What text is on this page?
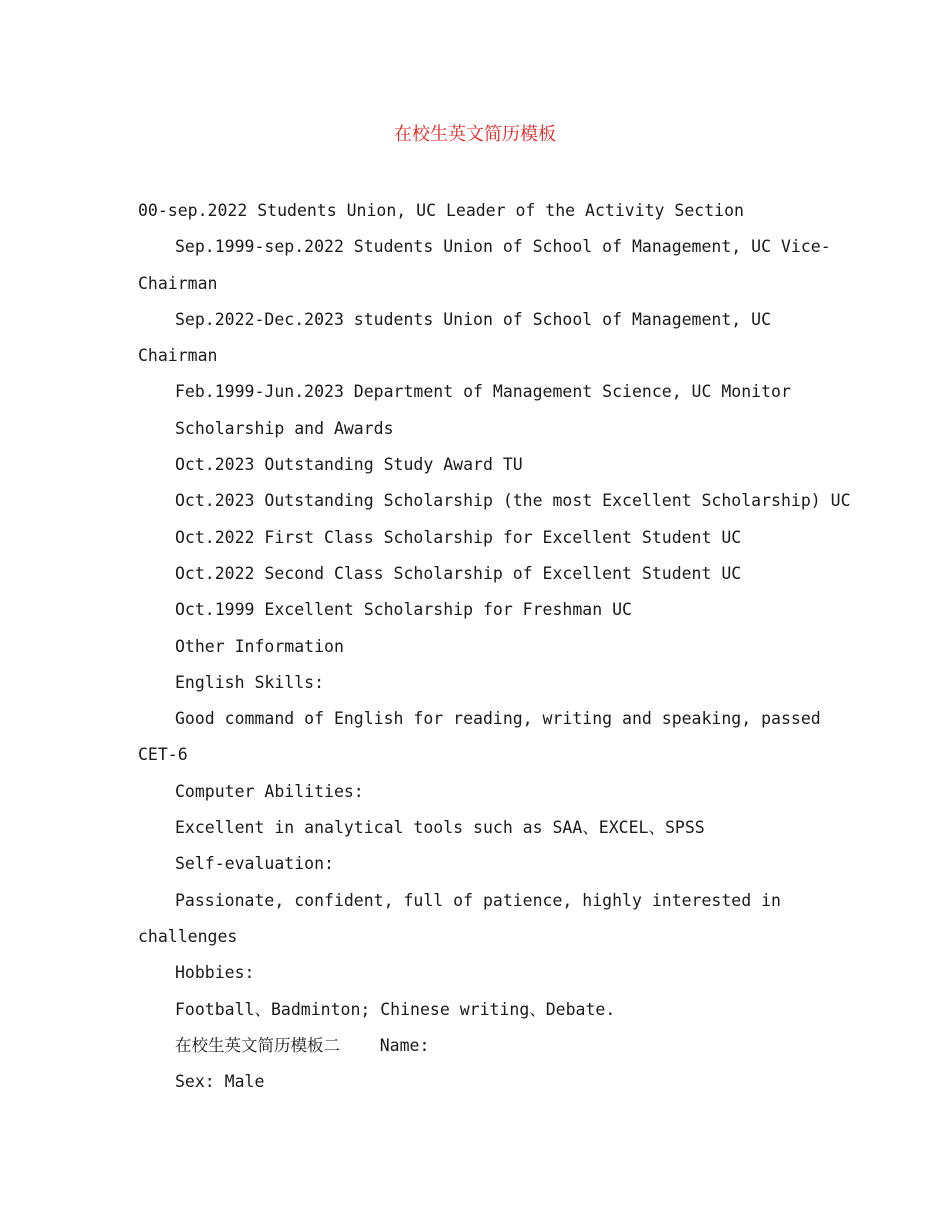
在校生英文简历模板

00-sep.2022 Students Union, UC Leader of the Activity Section

Sep.1999-sep.2022 Students Union of School of Management, UC Vice-

Chairman

Sep.2022-Dec.2023 students Union of School of Management, UC

Chairman

Feb.1999-Jun.2023 Department of Management Science, UC Monitor

Scholarship and Awards

Oct.2023 Outstanding Study Award TU

Oct.2023 Outstanding Scholarship (the most Excellent Scholarship) UC

Oct.2022 First Class Scholarship for Excellent Student UC

Oct.2022 Second Class Scholarship of Excellent Student UC

Oct.1999 Excellent Scholarship for Freshman UC

Other Information

English Skills:

Good command of English for reading, writing and speaking, passed

CET-6

Computer Abilities:

Excellent in analytical tools such as SAA、EXCEL、SPSS

Self-evaluation:

Passionate, confident, full of patience, highly interested in

challenges

Hobbies:

Football、Badminton; Chinese writing、Debate.

在校生英文简历模板二    Name:

Sex: Male
